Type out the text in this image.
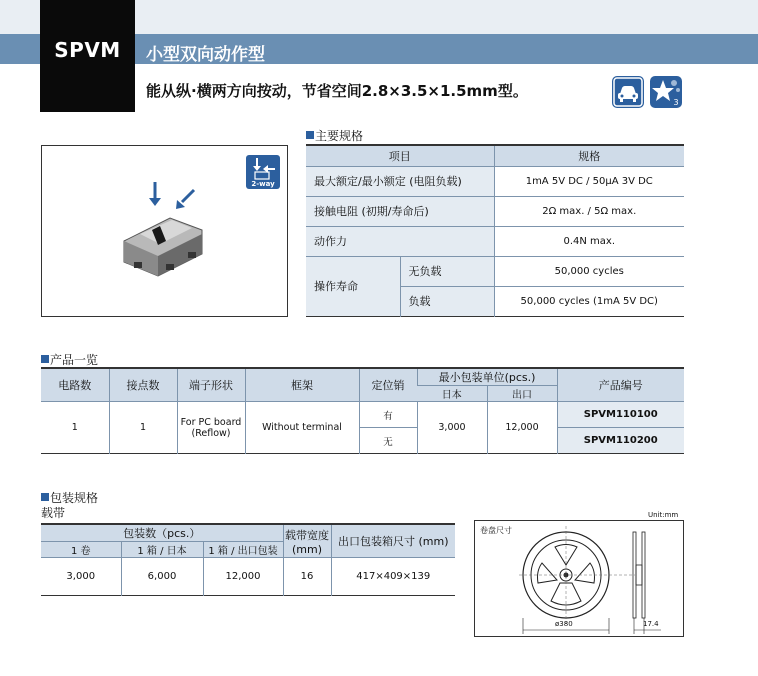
SPVM	小型双向动作型
能从纵·横两方向按动，节省空间2.8×3.5×1.5mm型。
3
2-way
主要规格
项目		规格
最大额定/最小额定 (电阻负载)		1mA 5V DC / 50μA 3V DC
接触电阻 (初期/寿命后)		2Ω max. / 5Ω max.
动作力		0.4N max.
操作寿命	无负载	50,000 cycles
	负载	50,000 cycles (1mA 5V DC)
产品一览
电路数	接点数	端子形状	框架	定位销	最小包装单位(pcs.)		产品编号
					日本	出口	
1	1	For PC board (Reflow)	Without terminal	有	3,000	12,000	SPVM110100
				无			SPVM110200
包装规格
载带
包装数（pcs.）			载带宽度 (mm)	出口包装箱尺寸 (mm)
1 卷	1 箱 / 日本	1 箱 / 出口包装		
3,000	6,000	12,000	16	417×409×139
Unit:mm
卷盘尺寸
ø380	17.4
